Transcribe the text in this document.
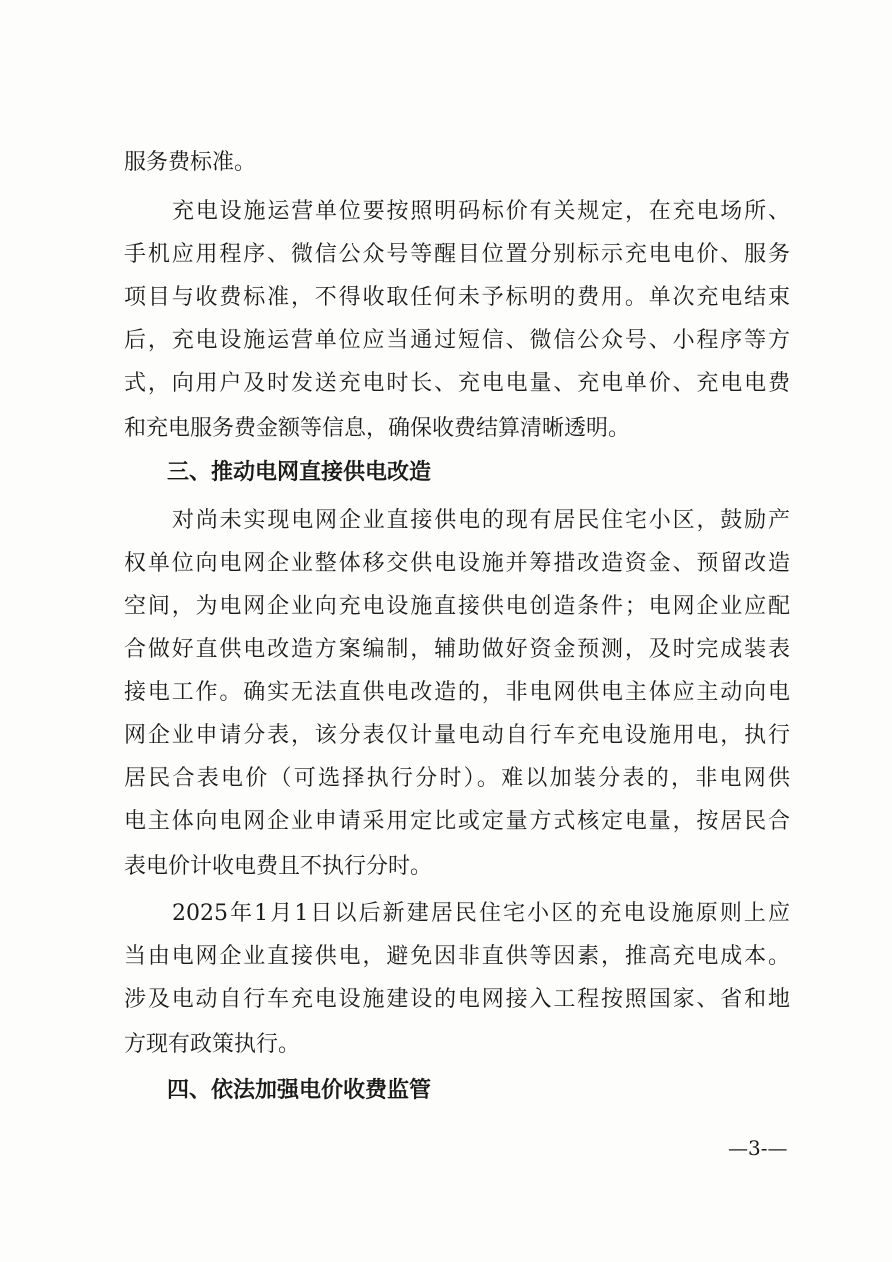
服务费标准。
充电设施运营单位要按照明码标价有关规定，在充电场所、
手机应用程序、微信公众号等醒目位置分别标示充电电价、服务
项目与收费标准，不得收取任何未予标明的费用。单次充电结束
后，充电设施运营单位应当通过短信、微信公众号、小程序等方
式，向用户及时发送充电时长、充电电量、充电单价、充电电费
和充电服务费金额等信息，确保收费结算清晰透明。
三、推动电网直接供电改造
对尚未实现电网企业直接供电的现有居民住宅小区，鼓励产
权单位向电网企业整体移交供电设施并筹措改造资金、预留改造
空间，为电网企业向充电设施直接供电创造条件；电网企业应配
合做好直供电改造方案编制，辅助做好资金预测，及时完成装表
接电工作。确实无法直供电改造的，非电网供电主体应主动向电
网企业申请分表，该分表仅计量电动自行车充电设施用电，执行
居民合表电价（可选择执行分时）。难以加装分表的，非电网供
电主体向电网企业申请采用定比或定量方式核定电量，按居民合
表电价计收电费且不执行分时。
2025年1月1日以后新建居民住宅小区的充电设施原则上应
当由电网企业直接供电，避免因非直供等因素，推高充电成本。
涉及电动自行车充电设施建设的电网接入工程按照国家、省和地
方现有政策执行。
四、依法加强电价收费监管
—3-—
